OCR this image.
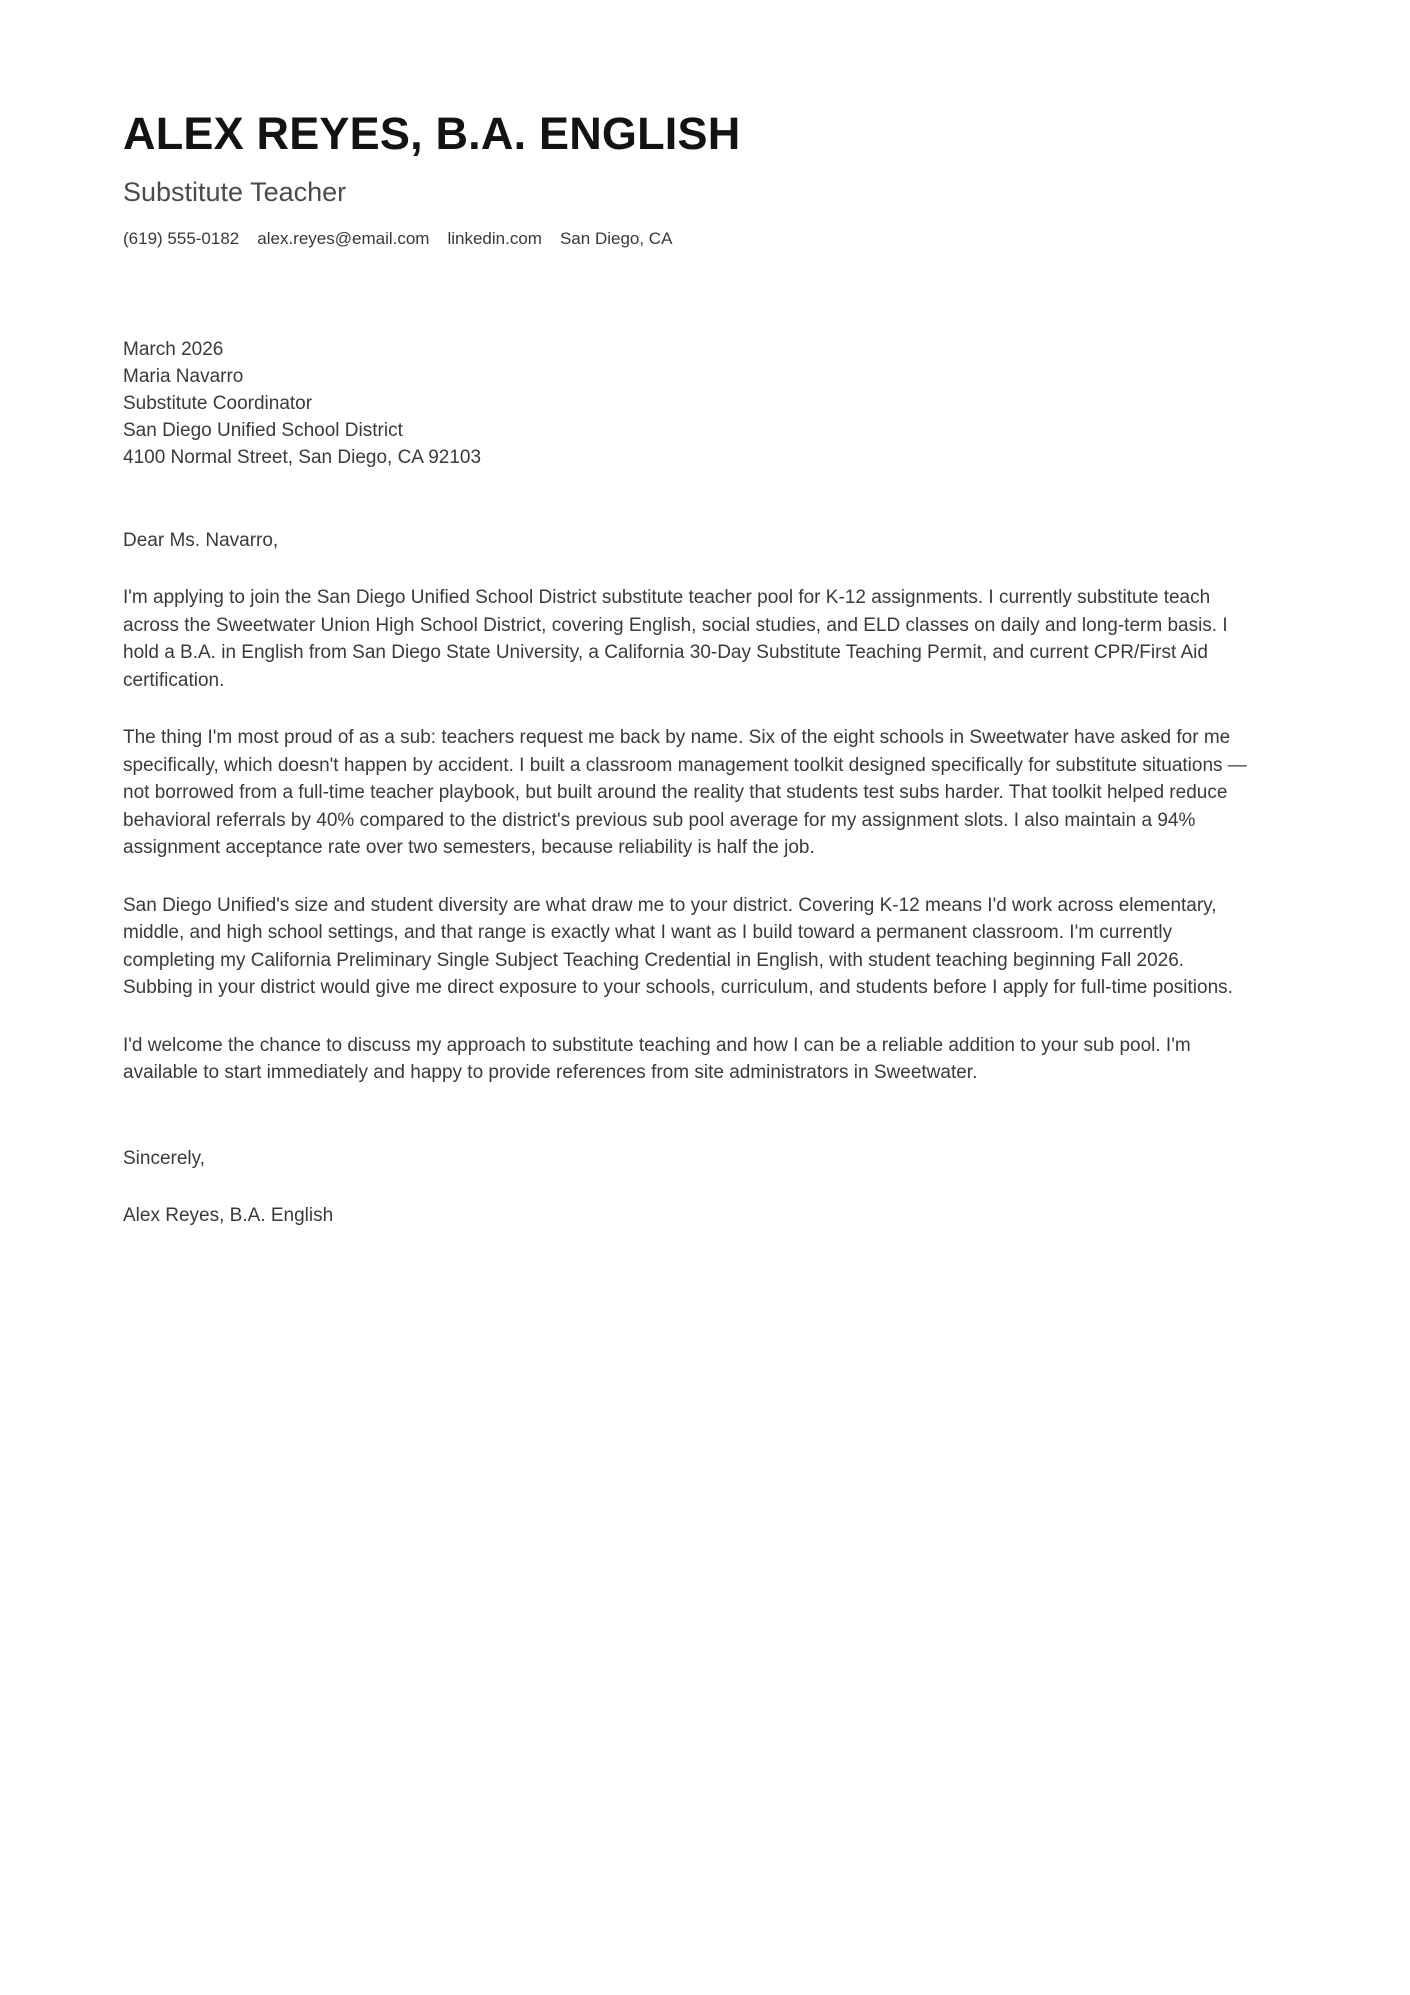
ALEX REYES, B.A. ENGLISH
Substitute Teacher
(619) 555-0182 alex.reyes@email.com linkedin.com San Diego, CA
March 2026
Maria Navarro
Substitute Coordinator
San Diego Unified School District
4100 Normal Street, San Diego, CA 92103
Dear Ms. Navarro,

I'm applying to join the San Diego Unified School District substitute teacher pool for K-12 assignments. I currently substitute teach across the Sweetwater Union High School District, covering English, social studies, and ELD classes on daily and long-term basis. I hold a B.A. in English from San Diego State University, a California 30-Day Substitute Teaching Permit, and current CPR/First Aid certification.

The thing I'm most proud of as a sub: teachers request me back by name. Six of the eight schools in Sweetwater have asked for me specifically, which doesn't happen by accident. I built a classroom management toolkit designed specifically for substitute situations — not borrowed from a full-time teacher playbook, but built around the reality that students test subs harder. That toolkit helped reduce behavioral referrals by 40% compared to the district's previous sub pool average for my assignment slots. I also maintain a 94% assignment acceptance rate over two semesters, because reliability is half the job.

San Diego Unified's size and student diversity are what draw me to your district. Covering K-12 means I'd work across elementary, middle, and high school settings, and that range is exactly what I want as I build toward a permanent classroom. I'm currently completing my California Preliminary Single Subject Teaching Credential in English, with student teaching beginning Fall 2026. Subbing in your district would give me direct exposure to your schools, curriculum, and students before I apply for full-time positions.

I'd welcome the chance to discuss my approach to substitute teaching and how I can be a reliable addition to your sub pool. I'm available to start immediately and happy to provide references from site administrators in Sweetwater.

Sincerely,
Alex Reyes, B.A. English
